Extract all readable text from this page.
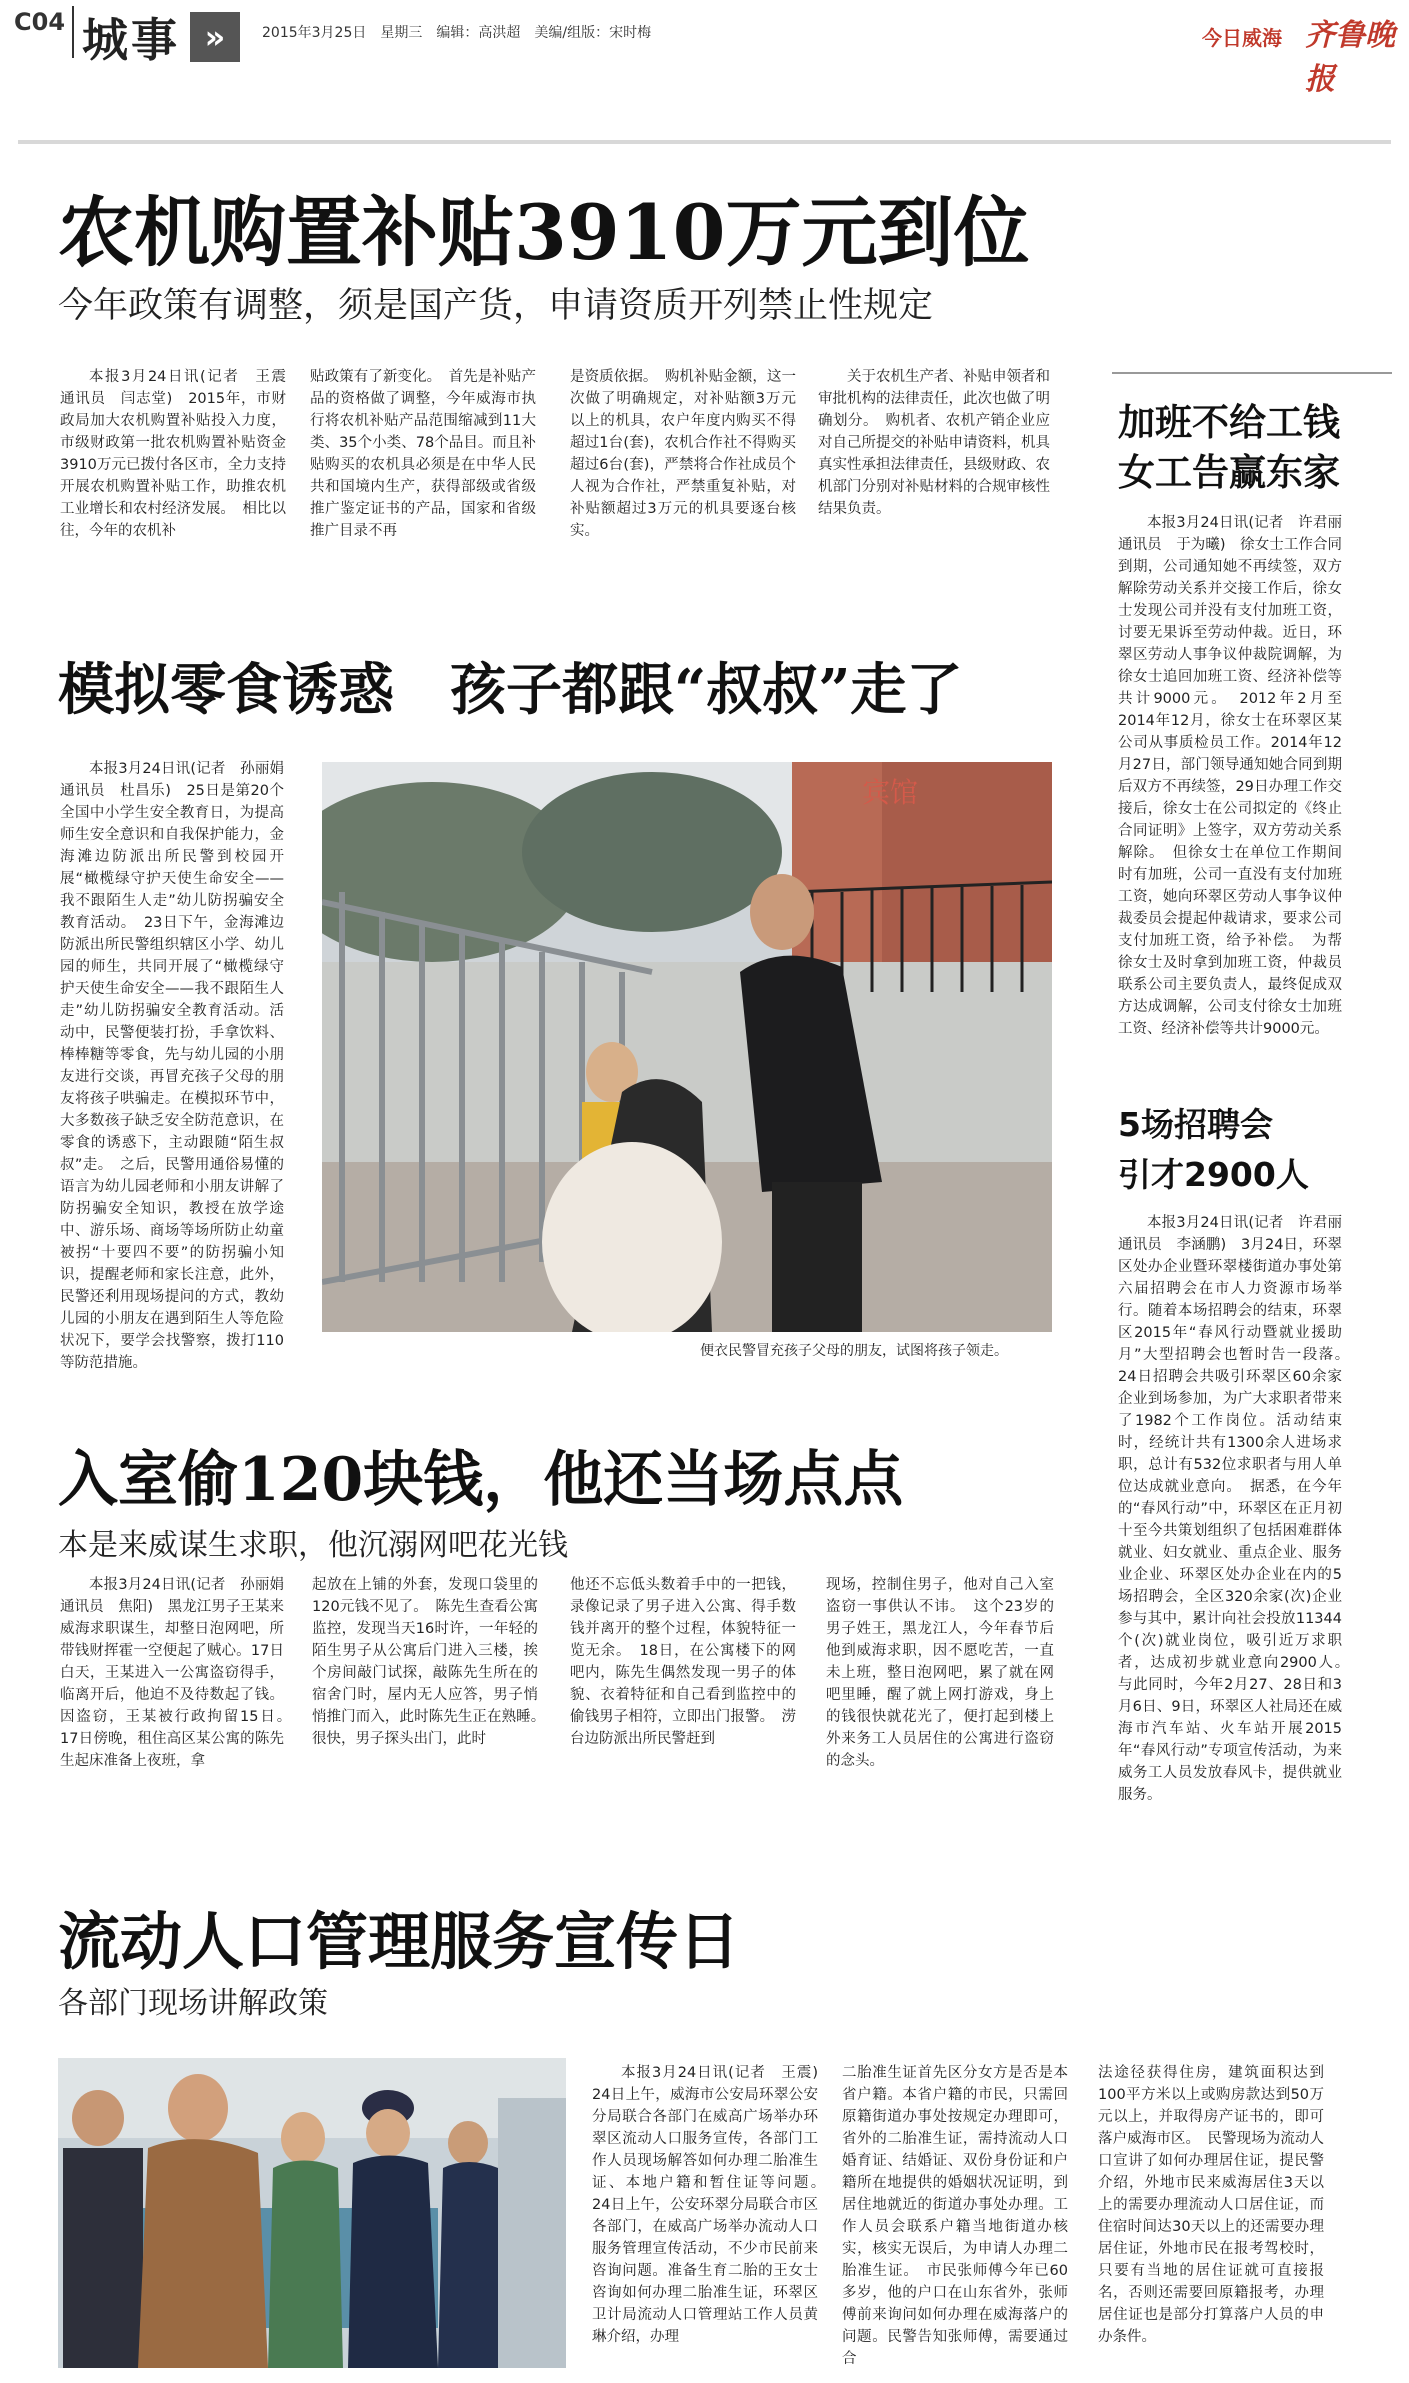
C04 城事 »	2015年3月25日　星期三　编辑：高洪超　美编/组版：宋时梅	今日威海 齐鲁晚报
农机购置补贴3910万元到位
今年政策有调整，须是国产货，申请资质开列禁止性规定

本报3月24日讯(记者　王震　通讯员　闫志堂)　2015年，市财政局加大农机购置补贴投入力度，市级财政第一批农机购置补贴资金3910万元已拨付各区市，全力支持开展农机购置补贴工作，助推农机工业增长和农村经济发展。　相比以往，今年的农机补

贴政策有了新变化。　首先是补贴产品的资格做了调整，今年威海市执行将农机补贴产品范围缩减到11大类、35个小类、78个品目。而且补贴购买的农机具必须是在中华人民共和国境内生产，获得部级或省级推广鉴定证书的产品，国家和省级推广目录不再

是资质依据。　购机补贴金额，这一次做了明确规定，对补贴额3万元以上的机具，农户年度内购买不得超过1台(套)，农机合作社不得购买超过6台(套)，严禁将合作社成员个人视为合作社，严禁重复补贴，对补贴额超过3万元的机具要逐台核实。

关于农机生产者、补贴申领者和审批机构的法律责任，此次也做了明确划分。　购机者、农机产销企业应对自己所提交的补贴申请资料，机具真实性承担法律责任，县级财政、农机部门分别对补贴材料的合规审核性结果负责。

模拟零食诱惑　孩子都跟“叔叔”走了

本报3月24日讯(记者　孙丽娟　通讯员　杜昌乐)　25日是第20个全国中小学生安全教育日，为提高师生安全意识和自我保护能力，金海滩边防派出所民警到校园开展“橄榄绿守护天使生命安全——我不跟陌生人走”幼儿防拐骗安全教育活动。　23日下午，金海滩边防派出所民警组织辖区小学、幼儿园的师生，共同开展了“橄榄绿守护天使生命安全——我不跟陌生人走”幼儿防拐骗安全教育活动。活动中，民警便装打扮，手拿饮料、棒棒糖等零食，先与幼儿园的小朋友进行交谈，再冒充孩子父母的朋友将孩子哄骗走。在模拟环节中，大多数孩子缺乏安全防范意识，在零食的诱惑下，主动跟随“陌生叔叔”走。　之后，民警用通俗易懂的语言为幼儿园老师和小朋友讲解了防拐骗安全知识，教授在放学途中、游乐场、商场等场所防止幼童被拐“十要四不要”的防拐骗小知识，提醒老师和家长注意，此外，民警还利用现场提问的方式，教幼儿园的小朋友在遇到陌生人等危险状况下，要学会找警察，拨打110等防范措施。

宾馆
便衣民警冒充孩子父母的朋友，试图将孩子领走。
入室偷120块钱，他还当场点点
本是来威谋生求职，他沉溺网吧花光钱

本报3月24日讯(记者　孙丽娟　通讯员　焦阳)　黑龙江男子王某来威海求职谋生，却整日泡网吧，所带钱财挥霍一空便起了贼心。17日白天，王某进入一公寓盗窃得手，临离开后，他迫不及待数起了钱。因盗窃，王某被行政拘留15日。　17日傍晚，租住高区某公寓的陈先生起床准备上夜班，拿

起放在上铺的外套，发现口袋里的120元钱不见了。　陈先生查看公寓监控，发现当天16时许，一年轻的陌生男子从公寓后门进入三楼，挨个房间敲门试探，敲陈先生所在的宿舍门时，屋内无人应答，男子悄悄推门而入，此时陈先生正在熟睡。　很快，男子探头出门，此时

他还不忘低头数着手中的一把钱，录像记录了男子进入公寓、得手数钱并离开的整个过程，体貌特征一览无余。　18日，在公寓楼下的网吧内，陈先生偶然发现一男子的体貌、衣着特征和自己看到监控中的偷钱男子相符，立即出门报警。　涝台边防派出所民警赶到

现场，控制住男子，他对自己入室盗窃一事供认不讳。　这个23岁的男子姓王，黑龙江人，今年春节后他到威海求职，因不愿吃苦，一直未上班，整日泡网吧，累了就在网吧里睡，醒了就上网打游戏，身上的钱很快就花光了，便打起到楼上外来务工人员居住的公寓进行盗窃的念头。

流动人口管理服务宣传日
各部门现场讲解政策

本报3月24日讯(记者　王震)　24日上午，威海市公安局环翠公安分局联合各部门在威高广场举办环翠区流动人口服务宣传，各部门工作人员现场解答如何办理二胎准生证、本地户籍和暂住证等问题。　24日上午，公安环翠分局联合市区各部门，在威高广场举办流动人口服务管理宣传活动，不少市民前来咨询问题。准备生育二胎的王女士咨询如何办理二胎准生证，环翠区卫计局流动人口管理站工作人员黄琳介绍，办理

二胎准生证首先区分女方是否是本省户籍。本省户籍的市民，只需回原籍街道办事处按规定办理即可，省外的二胎准生证，需持流动人口婚育证、结婚证、双份身份证和户籍所在地提供的婚姻状况证明，到居住地就近的街道办事处办理。工作人员会联系户籍当地街道办核实，核实无误后，为申请人办理二胎准生证。　市民张师傅今年已60多岁，他的户口在山东省外，张师傅前来询问如何办理在威海落户的问题。民警告知张师傅，需要通过合

法途径获得住房，建筑面积达到100平方米以上或购房款达到50万元以上，并取得房产证书的，即可落户威海市区。　民警现场为流动人口宣讲了如何办理居住证，提民警介绍，外地市民来威海居住3天以上的需要办理流动人口居住证，而住宿时间达30天以上的还需要办理居住证，外地市民在报考驾校时，只要有当地的居住证就可直接报名，否则还需要回原籍报考，办理居住证也是部分打算落户人员的申办条件。

加班不给工钱
女工告赢东家

本报3月24日讯(记者　许君丽　通讯员　于为曦)　徐女士工作合同到期，公司通知她不再续签，双方解除劳动关系并交接工作后，徐女士发现公司并没有支付加班工资，讨要无果诉至劳动仲裁。近日，环翠区劳动人事争议仲裁院调解，为徐女士追回加班工资、经济补偿等共计9000元。　2012年2月至2014年12月，徐女士在环翠区某公司从事质检员工作。2014年12月27日，部门领导通知她合同到期后双方不再续签，29日办理工作交接后，徐女士在公司拟定的《终止合同证明》上签字，双方劳动关系解除。　但徐女士在单位工作期间时有加班，公司一直没有支付加班工资，她向环翠区劳动人事争议仲裁委员会提起仲裁请求，要求公司支付加班工资，给予补偿。　为帮徐女士及时拿到加班工资，仲裁员联系公司主要负责人，最终促成双方达成调解，公司支付徐女士加班工资、经济补偿等共计9000元。

5场招聘会
引才2900人

本报3月24日讯(记者　许君丽　通讯员　李涵鹏)　3月24日，环翠区处办企业暨环翠楼街道办事处第六届招聘会在市人力资源市场举行。随着本场招聘会的结束，环翠区2015年“春风行动暨就业援助月”大型招聘会也暂时告一段落。　24日招聘会共吸引环翠区60余家企业到场参加，为广大求职者带来了1982个工作岗位。活动结束时，经统计共有1300余人进场求职，总计有532位求职者与用人单位达成就业意向。　据悉，在今年的“春风行动”中，环翠区在正月初十至今共策划组织了包括困难群体就业、妇女就业、重点企业、服务业企业、环翠区处办企业在内的5场招聘会，全区320余家(次)企业参与其中，累计向社会投放11344个(次)就业岗位，吸引近万求职者，达成初步就业意向2900人。　与此同时，今年2月27、28日和3月6日、9日，环翠区人社局还在威海市汽车站、火车站开展2015年“春风行动”专项宣传活动，为来威务工人员发放春风卡，提供就业服务。
